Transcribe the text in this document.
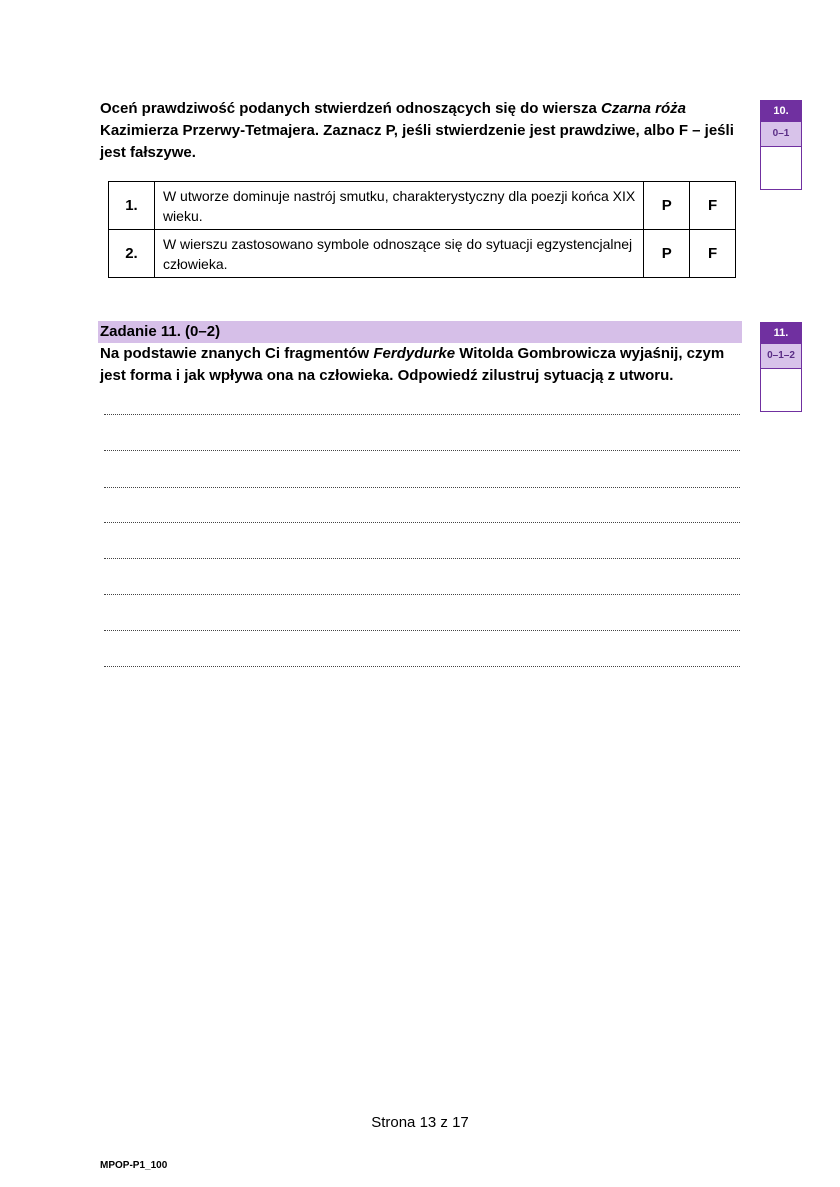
Oceń prawdziwość podanych stwierdzeń odnoszących się do wiersza Czarna róża Kazimierza Przerwy-Tetmajera. Zaznacz P, jeśli stwierdzenie jest prawdziwe, albo F – jeśli jest fałszywe.
10.
0–1
1.	W utworze dominuje nastrój smutku, charakterystyczny dla poezji końca XIX wieku.	P	F
2.	W wierszu zastosowano symbole odnoszące się do sytuacji egzystencjalnej człowieka.	P	F
Zadanie 11. (0–2)	11.
0–1–2
Na podstawie znanych Ci fragmentów Ferdydurke Witolda Gombrowicza wyjaśnij, czym jest forma i jak wpływa ona na człowieka. Odpowiedź zilustruj sytuacją z utworu.
Strona 13 z 17
MPOP-P1_100
